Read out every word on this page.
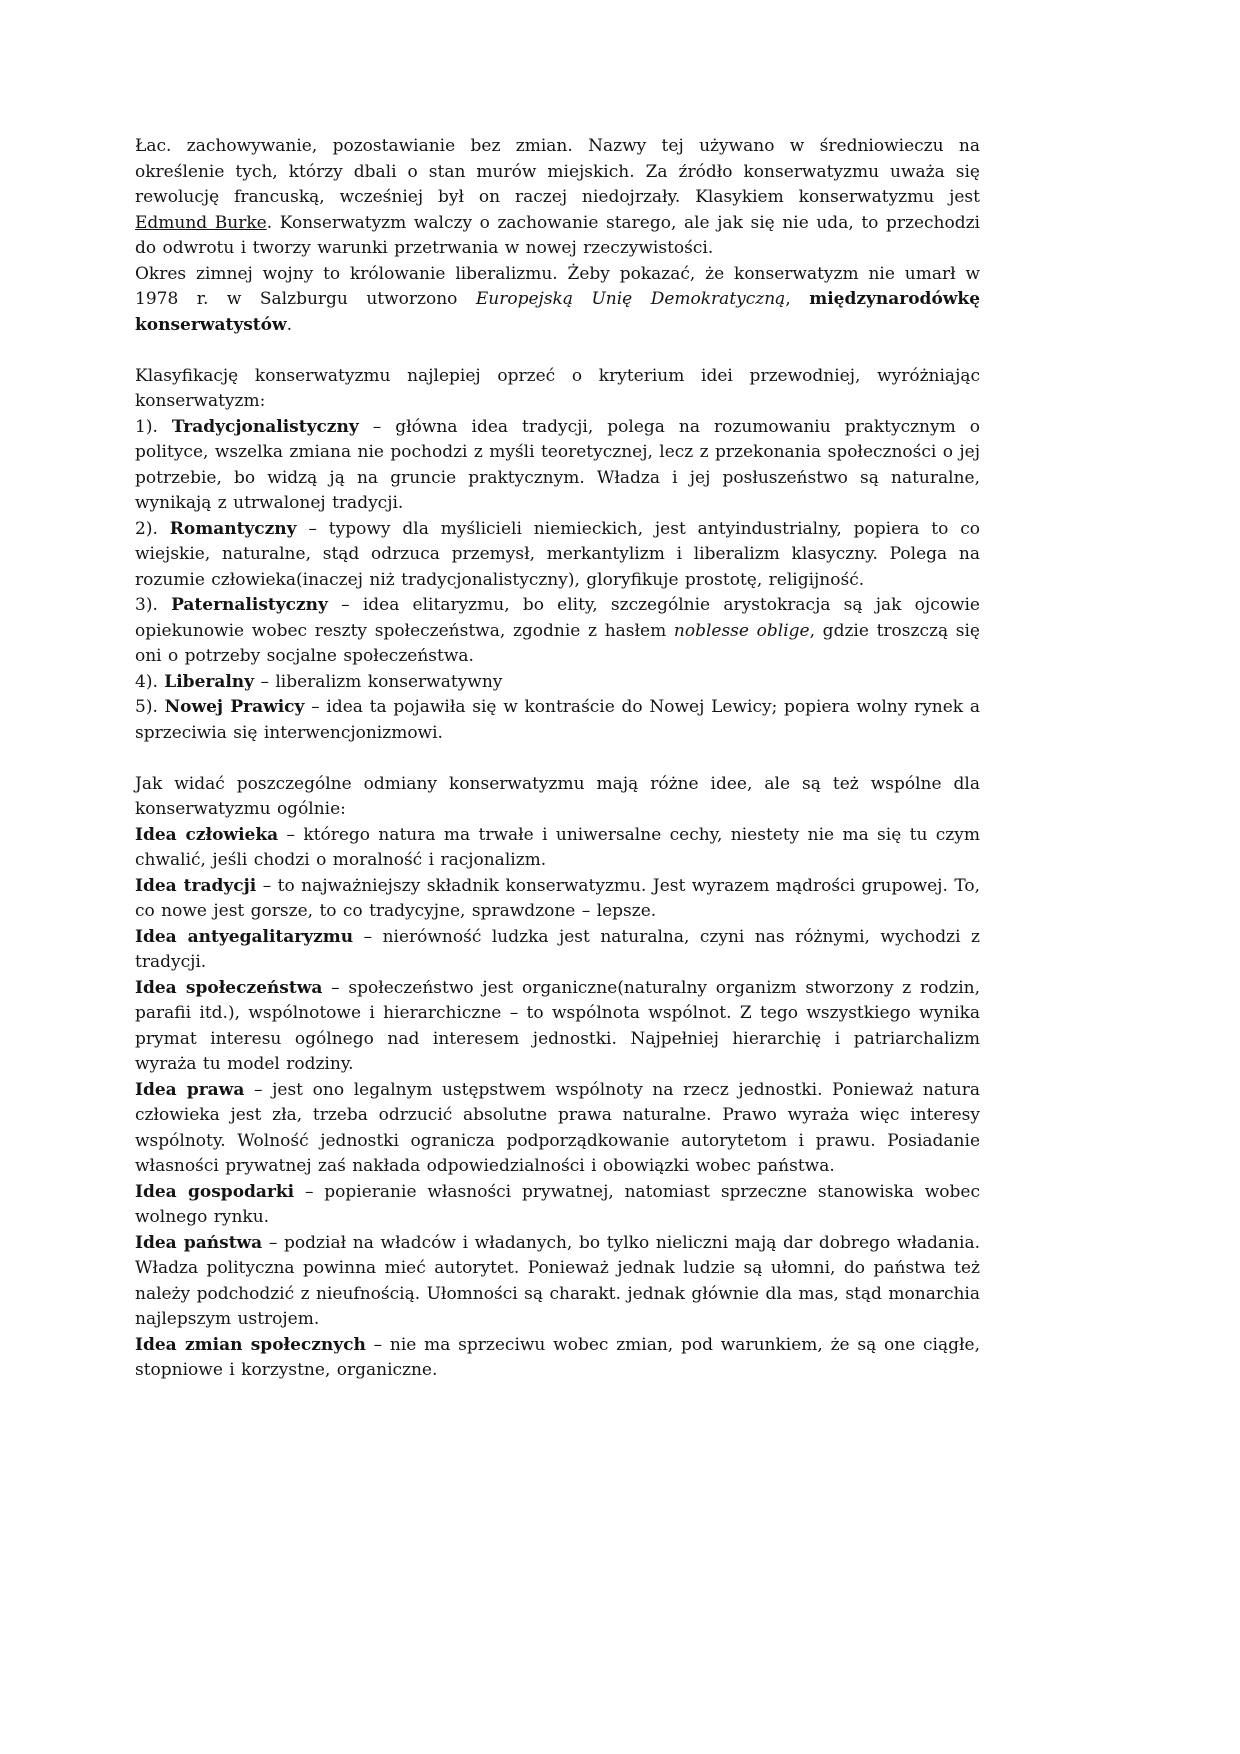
Łac. zachowywanie, pozostawianie bez zmian. Nazwy tej używano w średniowieczu na określenie tych, którzy dbali o stan murów miejskich. Za źródło konserwatyzmu uważa się rewolucję francuską, wcześniej był on raczej niedojrzały. Klasykiem konserwatyzmu jest Edmund Burke. Konserwatyzm walczy o zachowanie starego, ale jak się nie uda, to przechodzi do odwrotu i tworzy warunki przetrwania w nowej rzeczywistości.

Okres zimnej wojny to królowanie liberalizmu. Żeby pokazać, że konserwatyzm nie umarł w 1978 r. w Salzburgu utworzono Europejską Unię Demokratyczną, międzynarodówkę konserwatystów.

Klasyfikację konserwatyzmu najlepiej oprzeć o kryterium idei przewodniej, wyróżniając konserwatyzm:

1). Tradycjonalistyczny – główna idea tradycji, polega na rozumowaniu praktycznym o polityce, wszelka zmiana nie pochodzi z myśli teoretycznej, lecz z przekonania społeczności o jej potrzebie, bo widzą ją na gruncie praktycznym. Władza i jej posłuszeństwo są naturalne, wynikają z utrwalonej tradycji.

2). Romantyczny – typowy dla myślicieli niemieckich, jest antyindustrialny, popiera to co wiejskie, naturalne, stąd odrzuca przemysł, merkantylizm i liberalizm klasyczny. Polega na rozumie człowieka(inaczej niż tradycjonalistyczny), gloryfikuje prostotę, religijność.

3). Paternalistyczny – idea elitaryzmu, bo elity, szczególnie arystokracja są jak ojcowie opiekunowie wobec reszty społeczeństwa, zgodnie z hasłem noblesse oblige, gdzie troszczą się oni o potrzeby socjalne społeczeństwa.

4). Liberalny – liberalizm konserwatywny

5). Nowej Prawicy – idea ta pojawiła się w kontraście do Nowej Lewicy; popiera wolny rynek a sprzeciwia się interwencjonizmowi.

Jak widać poszczególne odmiany konserwatyzmu mają różne idee, ale są też wspólne dla konserwatyzmu ogólnie:

Idea człowieka – którego natura ma trwałe i uniwersalne cechy, niestety nie ma się tu czym chwalić, jeśli chodzi o moralność i racjonalizm.

Idea tradycji – to najważniejszy składnik konserwatyzmu. Jest wyrazem mądrości grupowej. To, co nowe jest gorsze, to co tradycyjne, sprawdzone – lepsze.

Idea antyegalitaryzmu – nierówność ludzka jest naturalna, czyni nas różnymi, wychodzi z tradycji.

Idea społeczeństwa – społeczeństwo jest organiczne(naturalny organizm stworzony z rodzin, parafii itd.), wspólnotowe i hierarchiczne – to wspólnota wspólnot. Z tego wszystkiego wynika prymat interesu ogólnego nad interesem jednostki. Najpełniej hierarchię i patriarchalizm wyraża tu model rodziny.

Idea prawa – jest ono legalnym ustępstwem wspólnoty na rzecz jednostki. Ponieważ natura człowieka jest zła, trzeba odrzucić absolutne prawa naturalne. Prawo wyraża więc interesy wspólnoty. Wolność jednostki ogranicza podporządkowanie autorytetom i prawu. Posiadanie własności prywatnej zaś nakłada odpowiedzialności i obowiązki wobec państwa.

Idea gospodarki – popieranie własności prywatnej, natomiast sprzeczne stanowiska wobec wolnego rynku.

Idea państwa – podział na władców i władanych, bo tylko nieliczni mają dar dobrego władania. Władza polityczna powinna mieć autorytet. Ponieważ jednak ludzie są ułomni, do państwa też należy podchodzić z nieufnością. Ułomności są charakt. jednak głównie dla mas, stąd monarchia najlepszym ustrojem.

Idea zmian społecznych – nie ma sprzeciwu wobec zmian, pod warunkiem, że są one ciągłe, stopniowe i korzystne, organiczne.
